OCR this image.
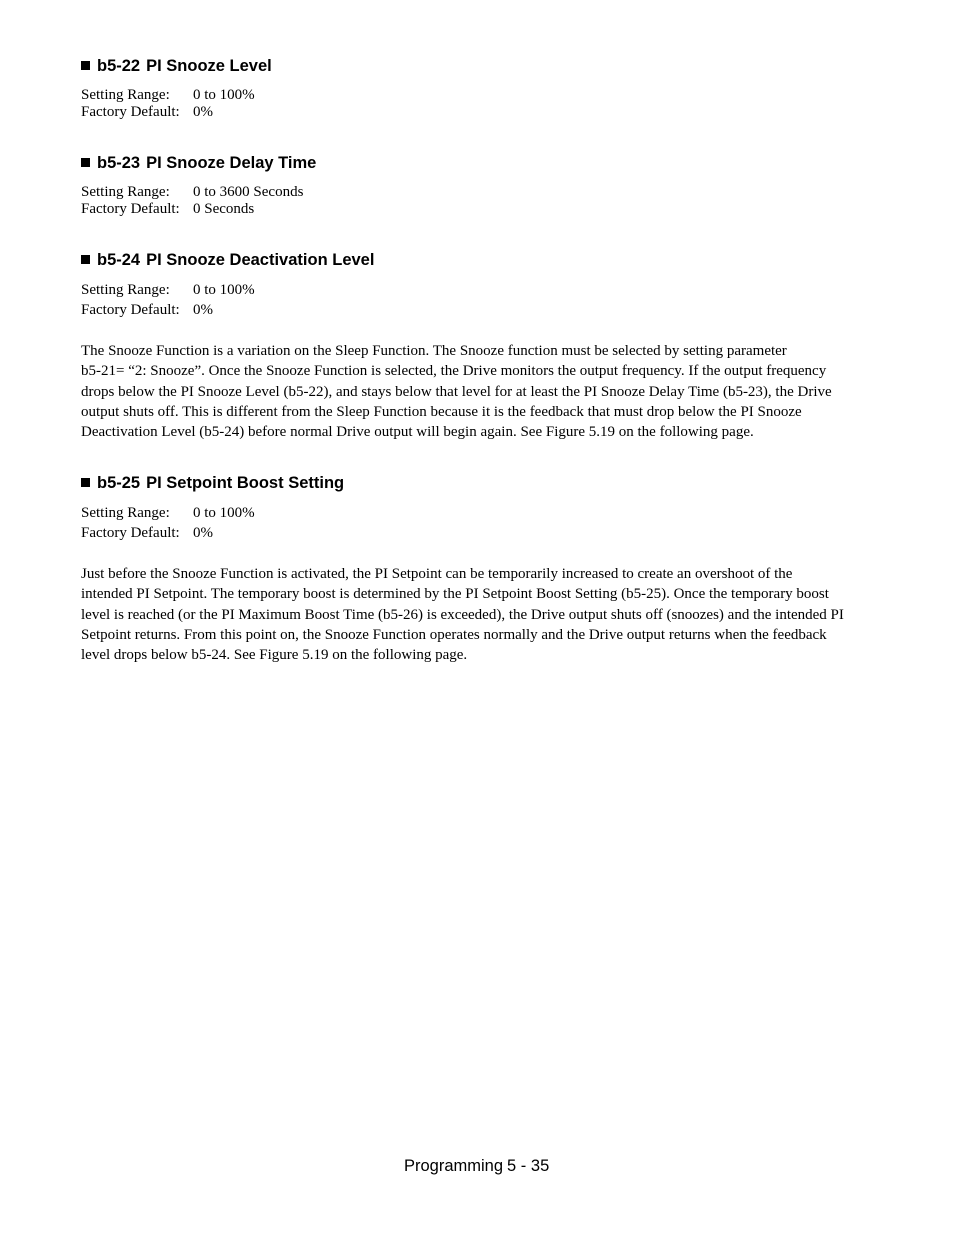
b5-22 PI Snooze Level
Setting Range: 0 to 100%
Factory Default: 0%
b5-23 PI Snooze Delay Time
Setting Range: 0 to 3600 Seconds
Factory Default: 0 Seconds
b5-24 PI Snooze Deactivation Level
Setting Range: 0 to 100%
Factory Default: 0%
The Snooze Function is a variation on the Sleep Function. The Snooze function must be selected by setting parameter
b5-21= “2: Snooze”. Once the Snooze Function is selected, the Drive monitors the output frequency. If the output frequency
drops below the PI Snooze Level (b5-22), and stays below that level for at least the PI Snooze Delay Time (b5-23), the Drive
output shuts off. This is different from the Sleep Function because it is the feedback that must drop below the PI Snooze
Deactivation Level (b5-24) before normal Drive output will begin again. See Figure 5.19 on the following page.
b5-25 PI Setpoint Boost Setting
Setting Range: 0 to 100%
Factory Default: 0%
Just before the Snooze Function is activated, the PI Setpoint can be temporarily increased to create an overshoot of the
intended PI Setpoint. The temporary boost is determined by the PI Setpoint Boost Setting (b5-25). Once the temporary boost
level is reached (or the PI Maximum Boost Time (b5-26) is exceeded), the Drive output shuts off (snoozes) and the intended PI
Setpoint returns. From this point on, the Snooze Function operates normally and the Drive output returns when the feedback
level drops below b5-24. See Figure 5.19 on the following page.
Programming 5 - 35
